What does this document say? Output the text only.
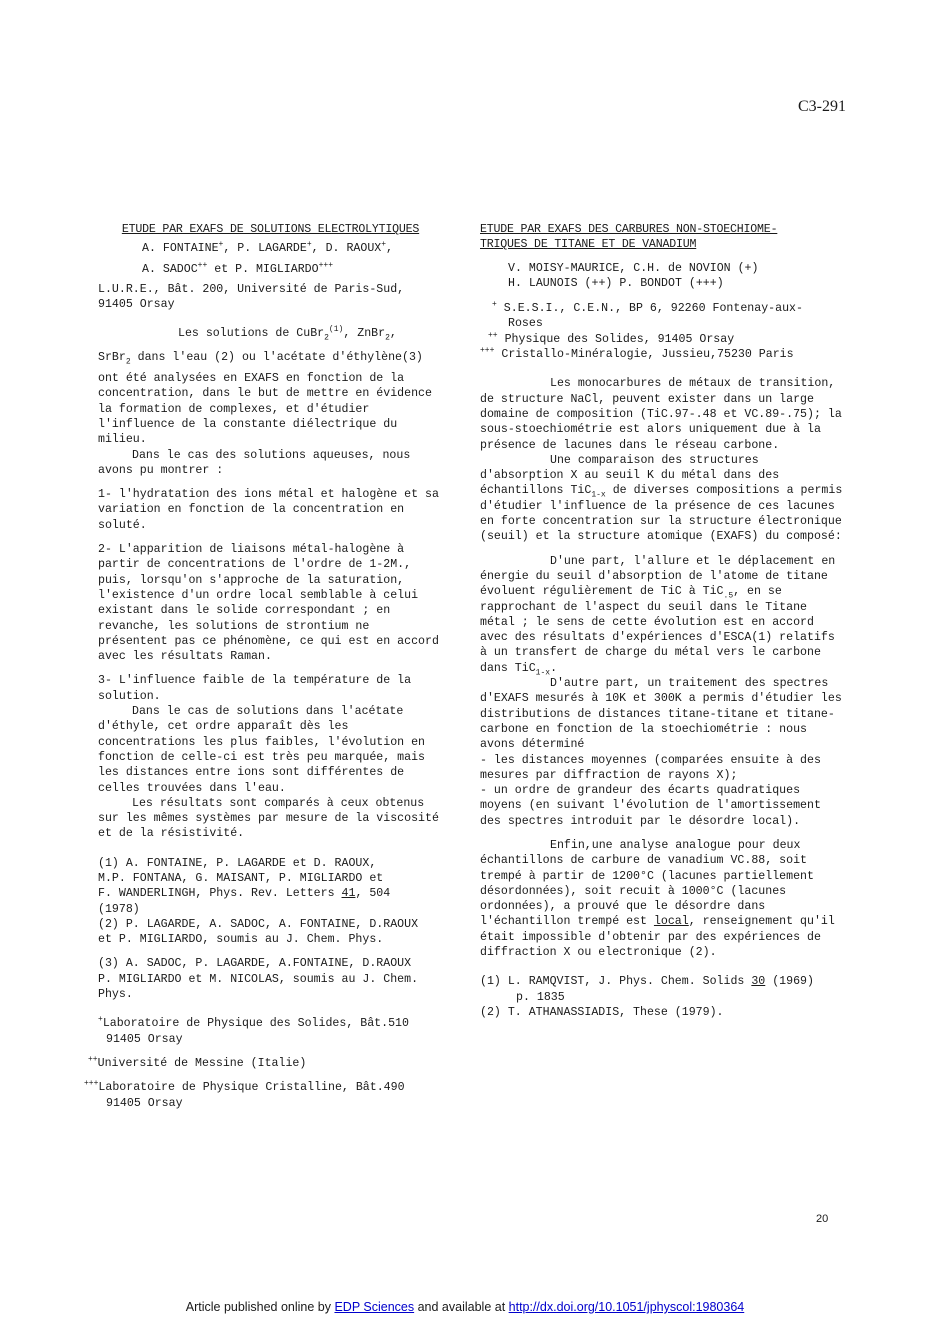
C3-291
ETUDE PAR EXAFS DE SOLUTIONS ELECTROLYTIQUES
A. FONTAINE+, P. LAGARDE+, D. RAOUX+,
A. SADOC++ et P. MIGLIARDO+++
L.U.R.E., Bât. 200, Université de Paris-Sud,
91405 Orsay
Les solutions de CuBr$_2^{(1)}$, ZnBr$_2$,
SrBr$_2$ dans l'eau (2) ou l'acétate d'éthylène(3)
ont été analysées en EXAFS en fonction de la concentration, dans le but de mettre en évidence la formation de complexes, et d'étudier l'influence de la constante diélectrique du milieu.
Dans le cas des solutions aqueuses, nous avons pu montrer :
1- l'hydratation des ions métal et halogène et sa variation en fonction de la concentration en soluté.
2- L'apparition de liaisons métal-halogène à partir de concentrations de l'ordre de 1-2M., puis, lorsqu'on s'approche de la saturation, l'existence d'un ordre local semblable à celui existant dans le solide correspondant ; en revanche, les solutions de strontium ne présentent pas ce phénomène, ce qui est en accord avec les résultats Raman.
3- L'influence faible de la température de la solution.
Dans le cas de solutions dans l'acétate d'éthyle, cet ordre apparaît dès les concentrations les plus faibles, l'évolution en fonction de celle-ci est très peu marquée, mais les distances entre ions sont différentes de celles trouvées dans l'eau.
Les résultats sont comparés à ceux obtenus sur les mêmes systèmes par mesure de la viscosité et de la résistivité.
(1) A. FONTAINE, P. LAGARDE et D. RAOUX,
M.P. FONTANA, G. MAISANT, P. MIGLIARDO et
F. WANDERLINGH, Phys. Rev. Letters 41, 504
(1978)
(2) P. LAGARDE, A. SADOC, A. FONTAINE, D.RAOUX
et P. MIGLIARDO, soumis au J. Chem. Phys.
(3) A. SADOC, P. LAGARDE, A.FONTAINE, D.RAOUX
P. MIGLIARDO et M. NICOLAS, soumis au J. Chem.
Phys.
+Laboratoire de Physique des Solides, Bât.510
91405 Orsay
++Université de Messine (Italie)
+++Laboratoire de Physique Cristalline, Bât.490
91405 Orsay
ETUDE PAR EXAFS DES CARBURES NON-STOECHIOME-
TRIQUES DE TITANE ET DE VANADIUM
V. MOISY-MAURICE, C.H. de NOVION (+)
H. LAUNOIS (++) P. BONDOT (+++)
+ S.E.S.I., C.E.N., BP 6, 92260 Fontenay-aux-
Roses
++ Physique des Solides, 91405 Orsay
+++ Cristallo-Minéralogie, Jussieu,75230 Paris
Les monocarbures de métaux de transition, de structure NaCl, peuvent exister dans un large domaine de composition (TiC.97-.48 et VC.89-.75); la sous-stoechiométrie est alors uniquement due à la présence de lacunes dans le réseau carbone.
Une comparaison des structures d'absorption X au seuil K du métal dans des échantillons TiC$_{1-x}$ de diverses compositions a permis d'étudier l'influence de la présence de ces lacunes en forte concentration sur la structure électronique (seuil) et la structure atomique (EXAFS) du composé:
D'une part, l'allure et le déplacement en énergie du seuil d'absorption de l'atome de titane évoluent régulièrement de TiC à TiC$_{.5}$, en se rapprochant de l'aspect du seuil dans le Titane métal ; le sens de cette évolution est en accord avec des résultats d'expériences d'ESCA(1) relatifs à un transfert de charge du métal vers le carbone dans TiC$_{1-x}$.
D'autre part, un traitement des spectres d'EXAFS mesurés à 10K et 300K a permis d'étudier les distributions de distances titane-titane et titane-carbone en fonction de la stoechiométrie : nous avons déterminé
- les distances moyennes (comparées ensuite à des mesures par diffraction de rayons X);
- un ordre de grandeur des écarts quadratiques moyens (en suivant l'évolution de l'amortissement des spectres introduit par le désordre local).
Enfin,une analyse analogue pour deux échantillons de carbure de vanadium VC.88, soit trempé à partir de 1200°C (lacunes partiellement désordonnées), soit recuit à 1000°C (lacunes ordonnées), a prouvé que le désordre dans l'échantillon trempé est local, renseignement qu'il était impossible d'obtenir par des expériences de diffraction X ou electronique (2).
(1) L. RAMQVIST, J. Phys. Chem. Solids 30 (1969)
p. 1835
(2) T. ATHANASSIADIS, These (1979).
20
Article published online by EDP Sciences and available at http://dx.doi.org/10.1051/jphyscol:1980364
